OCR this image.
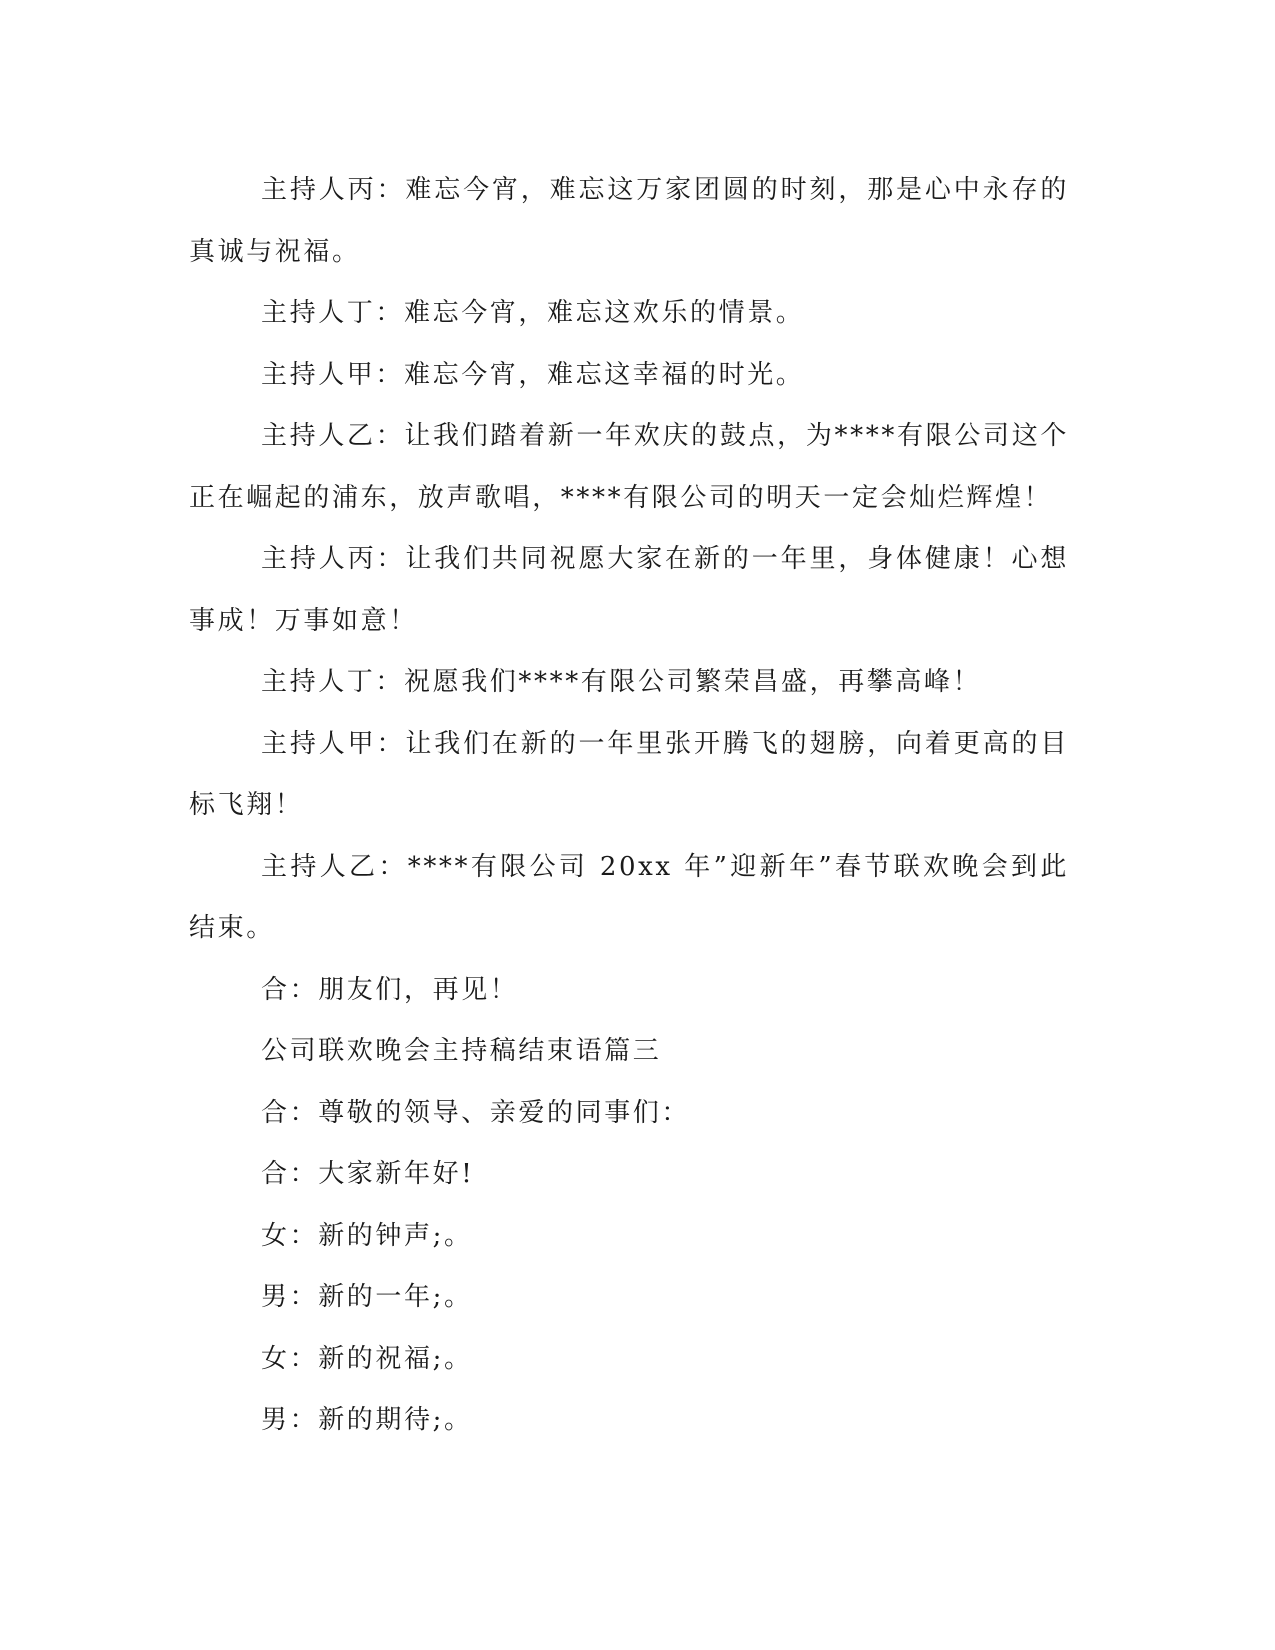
主持人丙：难忘今宵，难忘这万家团圆的时刻，那是心中永存的真诚与祝福。

主持人丁：难忘今宵，难忘这欢乐的情景。

主持人甲：难忘今宵，难忘这幸福的时光。

主持人乙：让我们踏着新一年欢庆的鼓点，为****有限公司这个正在崛起的浦东，放声歌唱，****有限公司的明天一定会灿烂辉煌！

主持人丙：让我们共同祝愿大家在新的一年里，身体健康！心想事成！万事如意！

主持人丁：祝愿我们****有限公司繁荣昌盛，再攀高峰！

主持人甲：让我们在新的一年里张开腾飞的翅膀，向着更高的目标飞翔！

主持人乙：****有限公司 20xx 年”迎新年”春节联欢晚会到此结束。

合：朋友们，再见！

公司联欢晚会主持稿结束语篇三

合：尊敬的领导、亲爱的同事们：

合：大家新年好!

女：新的钟声;。

男：新的一年;。

女：新的祝福;。

男：新的期待;。
